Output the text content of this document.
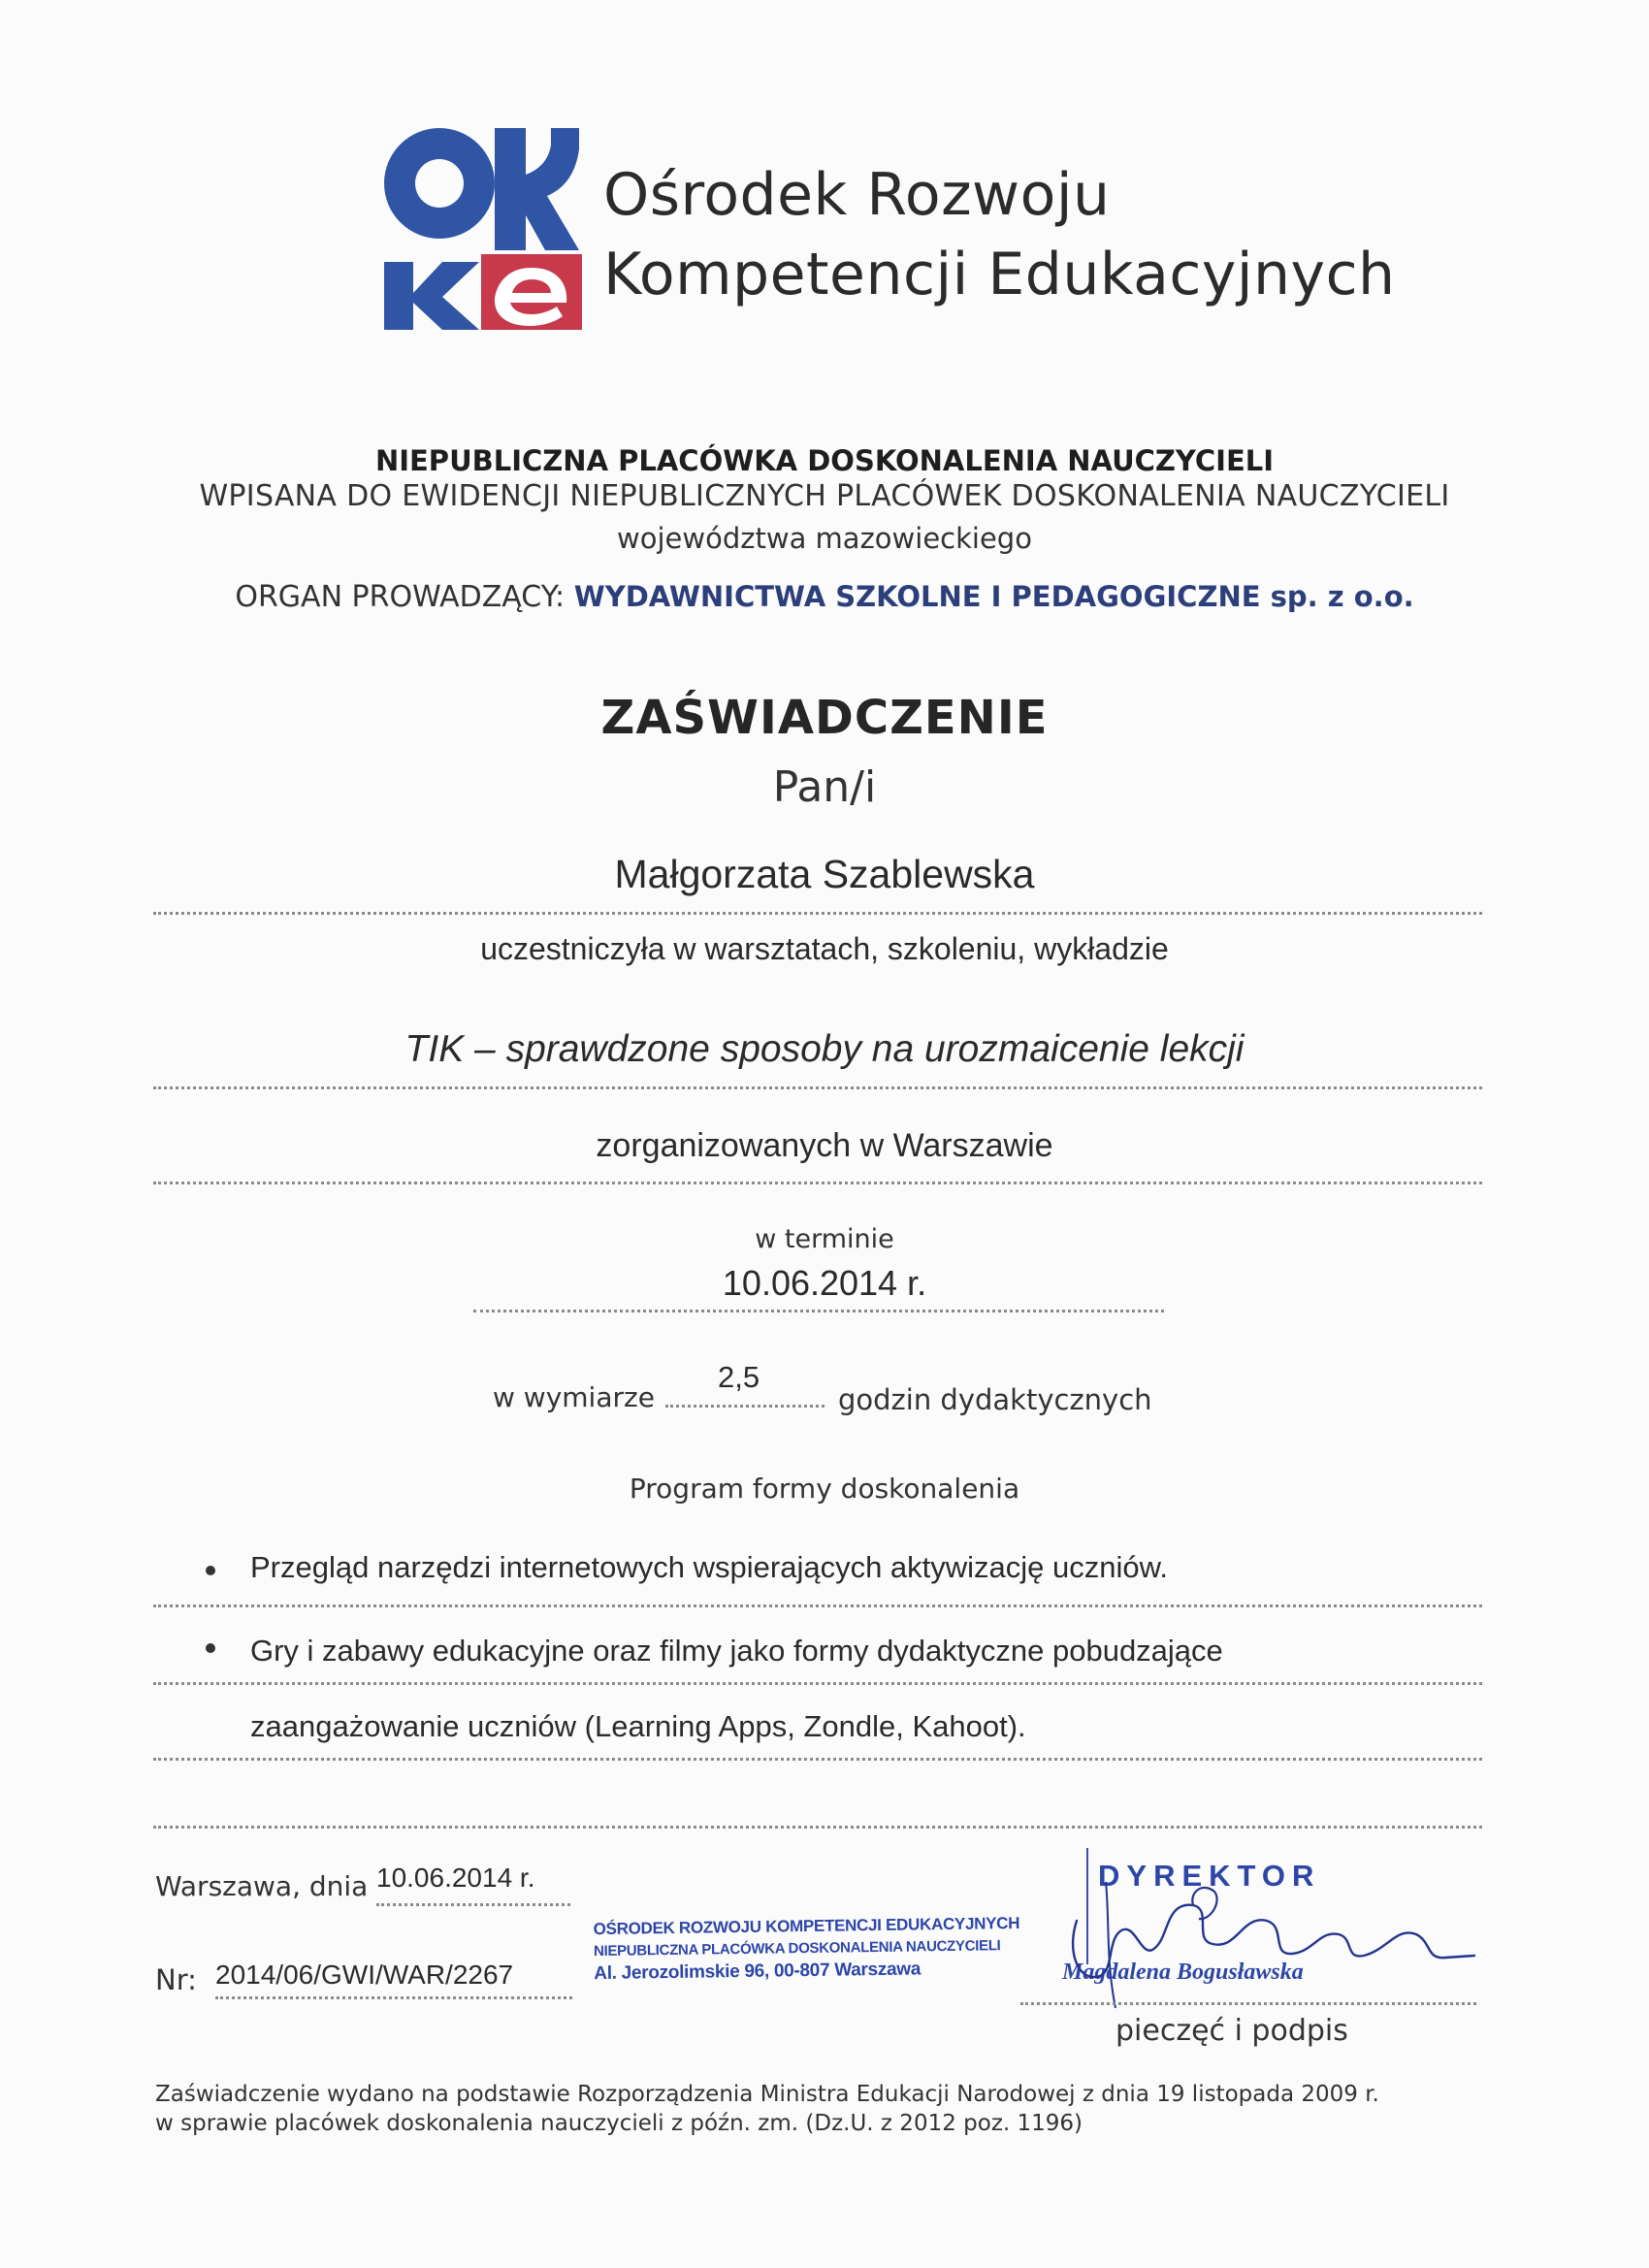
Ośrodek Rozwoju
Kompetencji Edukacyjnych
NIEPUBLICZNA PLACÓWKA DOSKONALENIA NAUCZYCIELI
WPISANA DO EWIDENCJI NIEPUBLICZNYCH PLACÓWEK DOSKONALENIA NAUCZYCIELI
województwa mazowieckiego
ORGAN PROWADZĄCY: WYDAWNICTWA SZKOLNE I PEDAGOGICZNE sp. z o.o.
ZAŚWIADCZENIE
Pan/i
Małgorzata Szablewska
uczestniczyła w warsztatach, szkoleniu, wykładzie
TIK – sprawdzone sposoby na urozmaicenie lekcji
zorganizowanych w Warszawie
w terminie
10.06.2014 r.
w wymiarze
2,5
godzin dydaktycznych
Program formy doskonalenia
Przegląd narzędzi internetowych wspierających aktywizację uczniów.
Gry i zabawy edukacyjne oraz filmy jako formy dydaktyczne pobudzające
zaangażowanie uczniów (Learning Apps, Zondle, Kahoot).
Warszawa, dnia 10.06.2014 r.
Nr: 2014/06/GWI/WAR/2267
OŚRODEK ROZWOJU KOMPETENCJI EDUKACYJNYCH
NIEPUBLICZNA PLACÓWKA DOSKONALENIA NAUCZYCIELI
Al. Jerozolimskie 96, 00-807 Warszawa
DYREKTOR
Magdalena Bogusławska
pieczęć i podpis
Zaświadczenie wydano na podstawie Rozporządzenia Ministra Edukacji Narodowej z dnia 19 listopada 2009 r.
w sprawie placówek doskonalenia nauczycieli z późn. zm. (Dz.U. z 2012 poz. 1196)
